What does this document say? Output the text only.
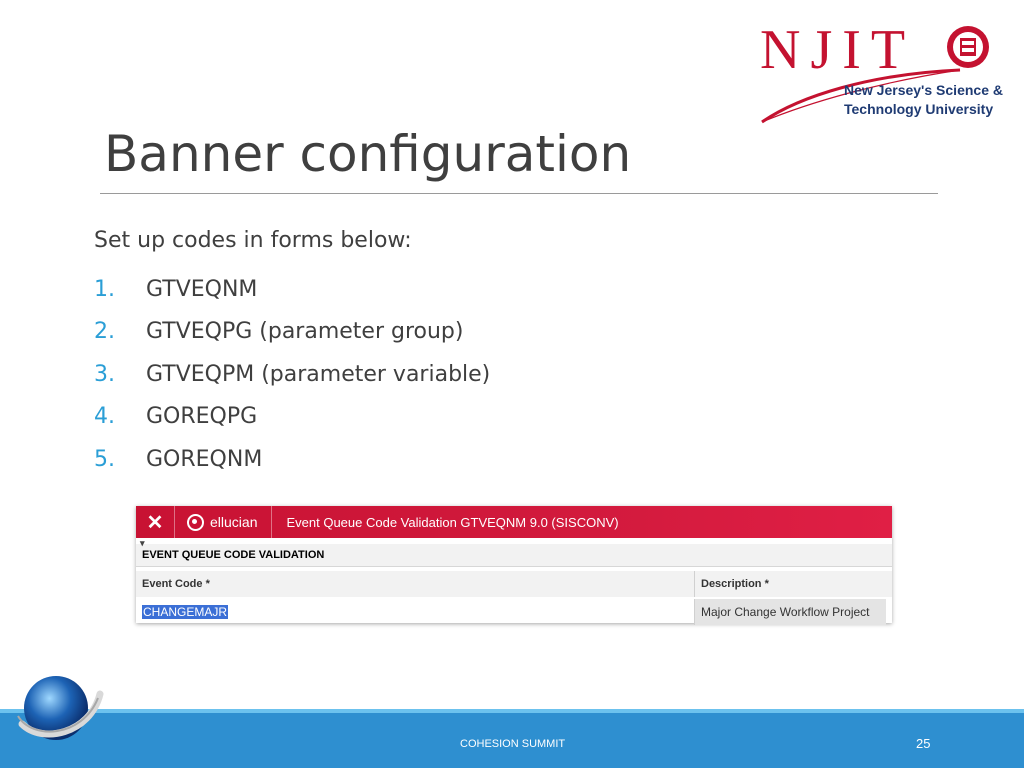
NJIT
New Jersey's Science &
Technology University
Banner configuration
Set up codes in forms below:
1.	GTVEQNM
2.	GTVEQPG (parameter group)
3.	GTVEQPM (parameter variable)
4.	GOREQPG
5.	GOREQNM
✕	ellucian	Event Queue Code Validation GTVEQNM 9.0 (SISCONV)
▾
EVENT QUEUE CODE VALIDATION
Event Code *	Description *
CHANGEMAJR	Major Change Workflow Project
COHESION SUMMIT	25
